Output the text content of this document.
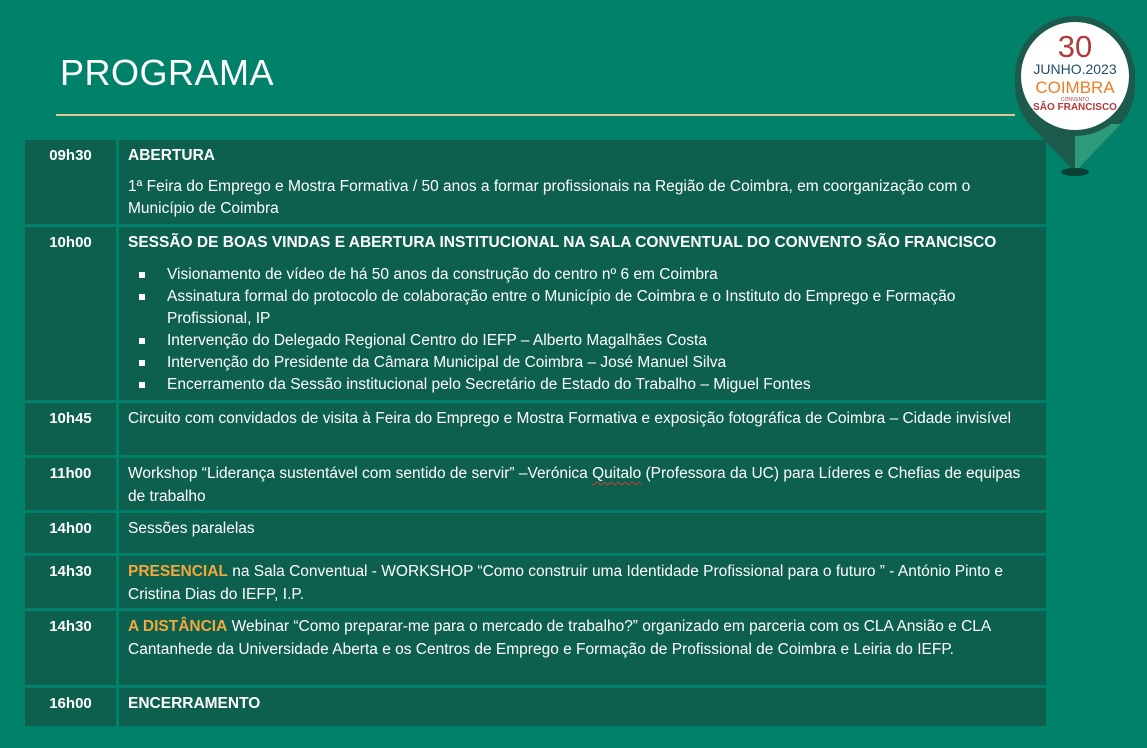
PROGRAMA
30
JUNHO.2023
COIMBRA
CONVENTO
SÃO FRANCISCO
09h30	ABERTURA
1ª Feira do Emprego e Mostra Formativa / 50 anos a formar profissionais na Região de Coimbra, em coorganização com o Município de Coimbra
10h00	SESSÃO DE BOAS VINDAS E ABERTURA INSTITUCIONAL NA SALA CONVENTUAL DO CONVENTO SÃO FRANCISCO
Visionamento de vídeo de há 50 anos da construção do centro nº 6 em Coimbra
Assinatura formal do protocolo de colaboração entre o Município de Coimbra e o Instituto do Emprego e Formação Profissional, IP
Intervenção do Delegado Regional Centro do IEFP – Alberto Magalhães Costa
Intervenção do Presidente da Câmara Municipal de Coimbra – José Manuel Silva
Encerramento da Sessão institucional pelo Secretário de Estado do Trabalho – Miguel Fontes
10h45	Circuito com convidados de visita à Feira do Emprego e Mostra Formativa e exposição fotográfica de Coimbra – Cidade invisível
11h00	Workshop “Liderança sustentável com sentido de servir” –Verónica Quitalo (Professora da UC) para Líderes e Chefias de equipas de trabalho
14h00	Sessões paralelas
14h30	PRESENCIAL na Sala Conventual - WORKSHOP “Como construir uma Identidade Profissional para o futuro ” - António Pinto e Cristina Dias do IEFP, I.P.
14h30	A DISTÂNCIA Webinar “Como preparar-me para o mercado de trabalho?” organizado em parceria com os CLA Ansião e CLA Cantanhede da Universidade Aberta e os Centros de Emprego e Formação de Profissional de Coimbra e Leiria do IEFP.
16h00	ENCERRAMENTO
